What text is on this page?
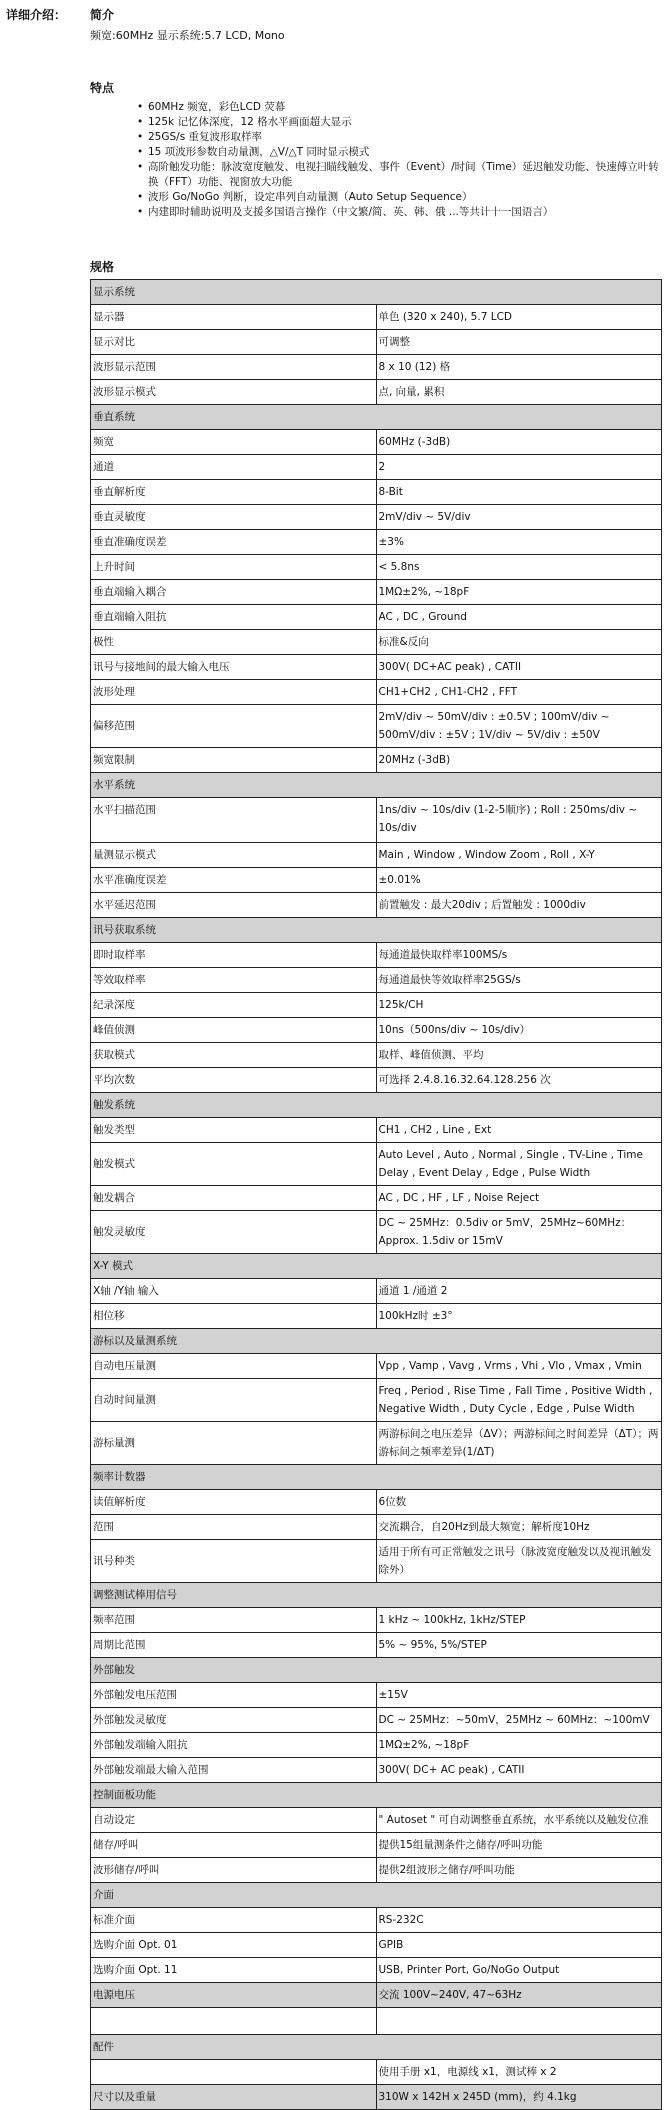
详细介绍： 简介
频宽:60MHz 显示系统:5.7 LCD, Mono
特点
• 60MHz 频宽，彩色LCD 荧幕
• 125k 记忆体深度，12 格水平画面超大显示
• 25GS/s 重复波形取样率
• 15 项波形参数自动量测，△V/△T 同时显示模式
• 高阶触发功能：脉波宽度触发、电视扫瞄线触发、事件（Event）/时间（Time）延迟触发功能、快速傅立叶转换（FFT）功能、视窗放大功能
• 波形 Go/NoGo 判断，设定串列自动量测（Auto Setup Sequence）
• 内建即时辅助说明及支援多国语言操作（中文繁/简、英、韩、俄 ...等共计十一国语言）
规格
显示系统	
显示器	单色 (320 x 240), 5.7 LCD
显示对比	可调整
波形显示范围	8 x 10 (12) 格
波形显示模式	点, 向量, 累积
垂直系统	
频宽	60MHz (-3dB)
通道	2
垂直解析度	8-Bit
垂直灵敏度	2mV/div ~ 5V/div
垂直准确度误差	±3%
上升时间	< 5.8ns
垂直端输入耦合	1MΩ±2%, ~18pF
垂直端输入阻抗	AC , DC , Ground
极性	标准&反向
讯号与接地间的最大输入电压	300V( DC+AC peak) , CATII
波形处理	CH1+CH2 , CH1-CH2 , FFT
偏移范围	2mV/div ~ 50mV/div : ±0.5V ; 100mV/div ~ 500mV/div : ±5V ; 1V/div ~ 5V/div : ±50V
频宽限制	20MHz (-3dB)
水平系统	
水平扫描范围	1ns/div ~ 10s/div (1-2-5顺序) ; Roll : 250ms/div ~ 10s/div
量测显示模式	Main , Window , Window Zoom , Roll , X-Y
水平准确度误差	±0.01%
水平延迟范围	前置触发 : 最大20div ; 后置触发 : 1000div
讯号获取系统	
即时取样率	每通道最快取样率100MS/s
等效取样率	每通道最快等效取样率25GS/s
纪录深度	125k/CH
峰值侦测	10ns（500ns/div ~ 10s/div）
获取模式	取样、峰值侦测、平均
平均次数	可选择 2.4.8.16.32.64.128.256 次
触发系统	
触发类型	CH1 , CH2 , Line , Ext
触发模式	Auto Level , Auto , Normal , Single , TV-Line , Time Delay , Event Delay , Edge , Pulse Width
触发耦合	AC , DC , HF , LF , Noise Reject
触发灵敏度	DC ~ 25MHz：0.5div or 5mV，25MHz~60MHz：Approx. 1.5div or 15mV
X-Y 模式	
X轴 /Y轴 输入	通道 1 /通道 2
相位移	100kHz时 ±3°
游标以及量测系统	
自动电压量测	Vpp , Vamp , Vavg , Vrms , Vhi , Vlo , Vmax , Vmin
自动时间量测	Freq , Period , Rise Time , Fall Time , Positive Width , Negative Width , Duty Cycle , Edge , Pulse Width
游标量测	两游标间之电压差异（ΔV）；两游标间之时间差异（ΔT）；两游标间之频率差异(1/ΔT)
频率计数器	
读值解析度	6位数
范围	交流耦合，自20Hz到最大频宽；解析度10Hz
讯号种类	适用于所有可正常触发之讯号（脉波宽度触发以及视讯触发除外）
调整测试棒用信号	
频率范围	1 kHz ~ 100kHz, 1kHz/STEP
周期比范围	5% ~ 95%, 5%/STEP
外部触发	
外部触发电压范围	±15V
外部触发灵敏度	DC ~ 25MHz：~50mV，25MHz ~ 60MHz：~100mV
外部触发端输入阻抗	1MΩ±2%, ~18pF
外部触发端最大输入范围	300V( DC+ AC peak) , CATII
控制面板功能	
自动设定	" Autoset " 可自动调整垂直系统，水平系统以及触发位准
储存/呼叫	提供15组量测条件之储存/呼叫功能
波形储存/呼叫	提供2组波形之储存/呼叫功能
介面	
标准介面	RS-232C
选购介面 Opt. 01	GPIB
选购介面 Opt. 11	USB, Printer Port, Go/NoGo Output
电源电压	交流 100V~240V, 47~63Hz

配件	
	使用手册 x1，电源线 x1，测试棒 x 2
尺寸以及重量	310W x 142H x 245D (mm)，约 4.1kg
